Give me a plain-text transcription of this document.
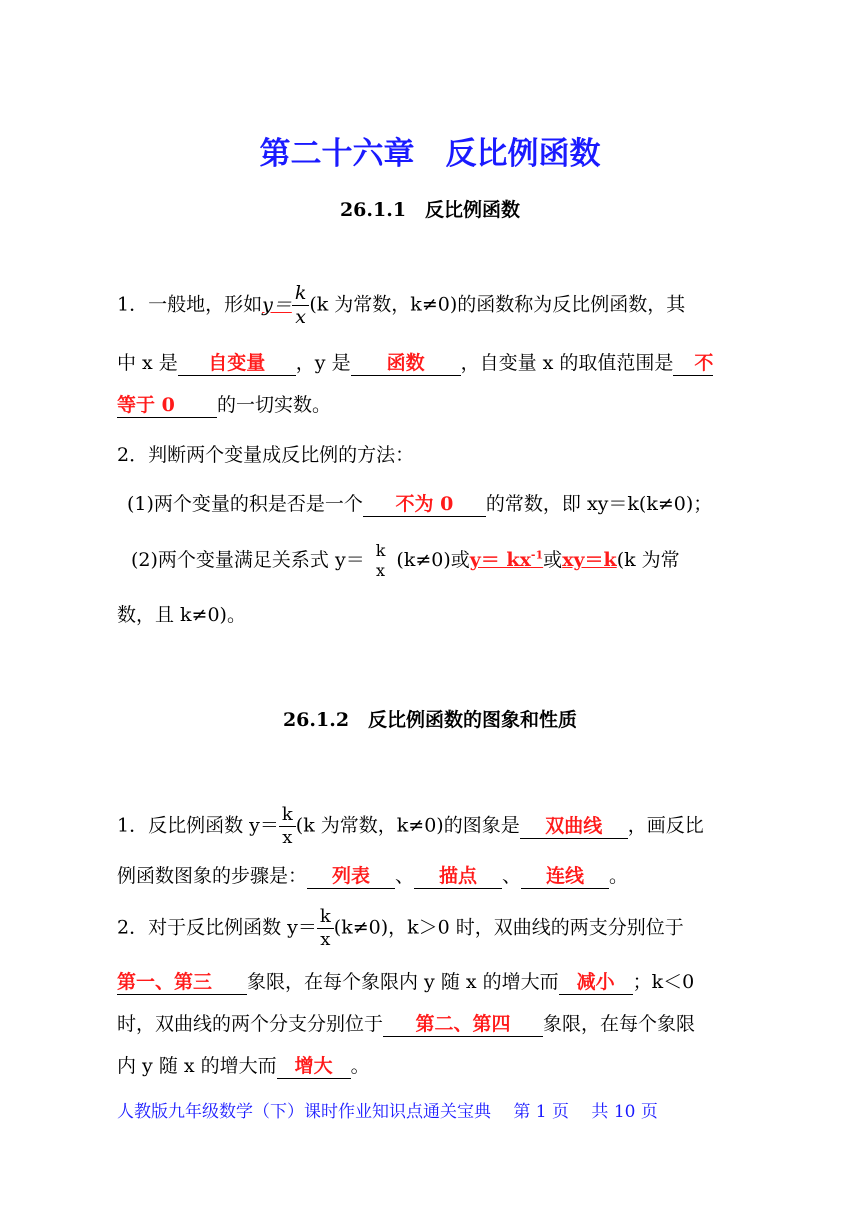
第二十六章　反比例函数
26.1.1　反比例函数
1．一般地，形如$y= \frac{k}{x} (k$ 为常数，k≠0)的函数称为反比例函数，其
中 x 是 自变量 ，y 是 函数 ，自变量 x 的取值范围是 不
等于 0 的一切实数。
2．判断两个变量成反比例的方法：
(1)两个变量的积是否是一个 不为 0 的常数，即 xy＝k(k≠0)；
(2)两个变量满足关系式 y＝ k
x (k≠0)或$y= kx^{-1}$或xy＝k(k 为常
数，且 k≠0)。
26.1.2　反比例函数的图象和性质
1．反比例函数 $y= \frac{k}{x} (k$ 为常数，k≠0)的图象是 双曲线 ，画反比
例函数图象的步骤是： 列表 、 描点 、 连线 。
2．对于反比例函数 $y= \frac{k}{x} (k\ne 0)$，k＞0 时，双曲线的两支分别位于
第一、第三 象限，在每个象限内 y 随 x 的增大而 减小 ；k＜0
时，双曲线的两个分支分别位于 第二、第四 象限，在每个象限
内 y 随 x 的增大而 增大 。
人教版九年级数学（下）课时作业知识点通关宝典　 第 1 页　 共 10 页
